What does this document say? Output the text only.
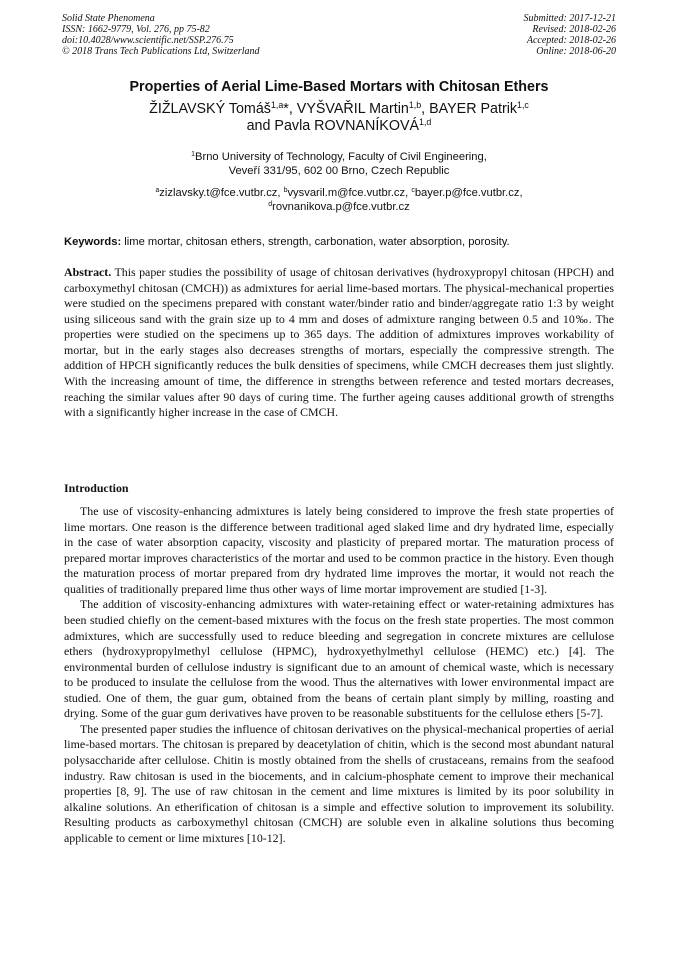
Solid State Phenomena
ISSN: 1662-9779, Vol. 276, pp 75-82
doi:10.4028/www.scientific.net/SSP.276.75
© 2018 Trans Tech Publications Ltd, Switzerland
Submitted: 2017-12-21
Revised: 2018-02-26
Accepted: 2018-02-26
Online: 2018-06-20
Properties of Aerial Lime-Based Mortars with Chitosan Ethers
ŽIŽLAVSKÝ Tomáš$^{1,a}$*, VYŠVAŘIL Martin$^{1,b}$, BAYER Patrik$^{1,c}$
and Pavla ROVNANÍKOVÁ$^{1,d}$
$^1$Brno University of Technology, Faculty of Civil Engineering,
Veveří 331/95, 602 00 Brno, Czech Republic
$^a$zizlavsky.t@fce.vutbr.cz, $^b$vysvaril.m@fce.vutbr.cz, $^c$bayer.p@fce.vutbr.cz,
$^d$rovnanikova.p@fce.vutbr.cz
Keywords: lime mortar, chitosan ethers, strength, carbonation, water absorption, porosity.

Abstract. This paper studies the possibility of usage of chitosan derivatives (hydroxypropyl chitosan (HPCH) and carboxymethyl chitosan (CMCH)) as admixtures for aerial lime-based mortars. The physical-mechanical properties were studied on the specimens prepared with constant water/binder ratio and binder/aggregate ratio 1:3 by weight using siliceous sand with the grain size up to 4 mm and doses of admixture ranging between 0.5 and 10‰. The properties were studied on the specimens up to 365 days. The addition of admixtures improves workability of mortar, but in the early stages also decreases strengths of mortars, especially the compressive strength. The addition of HPCH significantly reduces the bulk densities of specimens, while CMCH decreases them just slightly. With the increasing amount of time, the difference in strengths between reference and tested mortars decreases, reaching the similar values after 90 days of curing time. The further ageing causes additional growth of strengths with a significantly higher increase in the case of CMCH.

Introduction

The use of viscosity-enhancing admixtures is lately being considered to improve the fresh state properties of lime mortars. One reason is the difference between traditional aged slaked lime and dry hydrated lime, especially in the case of water absorption capacity, viscosity and plasticity of prepared mortar. The maturation process of prepared mortar improves characteristics of the mortar and used to be common practice in the history. Even though the maturation process of mortar prepared from dry hydrated lime improves the mortar, it would not reach the qualities of traditionally prepared lime thus other ways of lime mortar improvement are studied [1-3].

The addition of viscosity-enhancing admixtures with water-retaining effect or water-retaining admixtures has been studied chiefly on the cement-based mixtures with the focus on the fresh state properties. The most common admixtures, which are successfully used to reduce bleeding and segregation in concrete mixtures are cellulose ethers (hydroxypropylmethyl cellulose (HPMC), hydroxyethylmethyl cellulose (HEMC) etc.) [4]. The environmental burden of cellulose industry is significant due to an amount of chemical waste, which is necessary to be produced to insulate the cellulose from the wood. Thus the alternatives with lower environmental impact are studied. One of them, the guar gum, obtained from the beans of certain plant simply by milling, roasting and drying. Some of the guar gum derivatives have proven to be reasonable substituents for the cellulose ethers [5-7].

The presented paper studies the influence of chitosan derivatives on the physical-mechanical properties of aerial lime-based mortars. The chitosan is prepared by deacetylation of chitin, which is the second most abundant natural polysaccharide after cellulose. Chitin is mostly obtained from the shells of crustaceans, remains from the seafood industry. Raw chitosan is used in the biocements, and in calcium-phosphate cement to improve their mechanical properties [8, 9]. The use of raw chitosan in the cement and lime mixtures is limited by its poor solubility in alkaline solutions. An etherification of chitosan is a simple and effective solution to improvement its solubility. Resulting products as carboxymethyl chitosan (CMCH) are soluble even in alkaline solutions thus becoming applicable to cement or lime mixtures [10-12].
